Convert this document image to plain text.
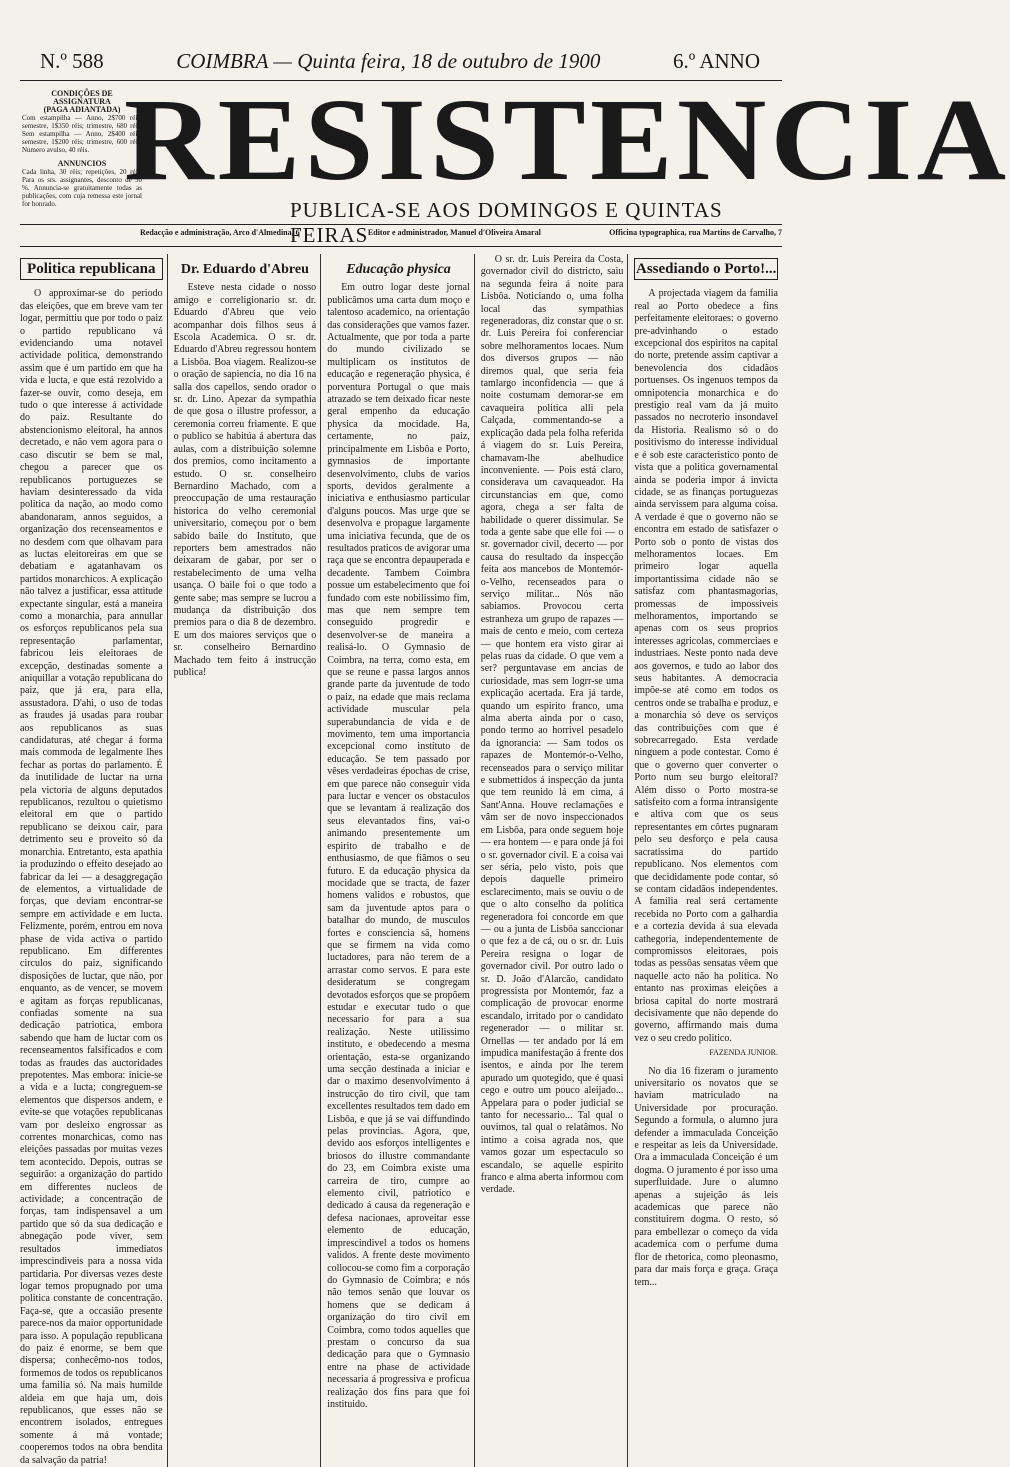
N.º 588	COIMBRA — Quinta feira, 18 de outubro de 1900	6.º ANNO
CONDIÇÕES DE ASSIGNATURA
(PAGA ADIANTADA)
Com estampilha — Anno, 2$700 réis; semestre, 1$350 réis; trimestre, 680 réis. Sem estampilha — Anno, 2$400 réis; semestre, 1$200 réis; trimestre, 600 réis. Numero avulso, 40 réis.
ANNUNCIOS
Cada linha, 30 réis; repetições, 20 réis. Para os srs. assignantes, desconto de 50 %. Annuncia-se gratuitamente todas as publicações, com cuja remessa este jornal for honrado. RESISTENCIA
PUBLICA-SE AOS DOMINGOS E QUINTAS FEIRAS
Redacção e administração, Arco d'Almedina, 6	Editor e administrador, Manuel d'Oliveira Amaral	Officina typographica, rua Martins de Carvalho, 7
Politica republicana

O approximar-se do periodo das eleições, que em breve vam ter logar, permittiu que por todo o paiz o partido republicano vá evidenciando uma notavel actividade politica, demonstrando assim que é um partido em que ha vida e lucta, e que está rezolvido a fazer-se ouvir, como deseja, em tudo o que interesse á actividade do paiz. Resultante do abstencionismo eleitoral, ha annos decretado, e não vem agora para o caso discutir se bem se mal, chegou a parecer que os republicanos portuguezes se haviam desinteressado da vida politica da nação, ao modo como abandonaram, annos seguidos, a organização dos recenseamentos e no desdem com que olhavam para as luctas eleitoreiras em que se debatiam e agatanhavam os partidos monarchicos. A explicação não talvez a justificar, essa attitude expectante singular, está a maneira como a monarchia, para annullar os esforços republicanos pela sua representação parlamentar, fabricou leis eleitoraes de excepção, destinadas somente a aniquillar a votação republicana do paiz, que já era, para ella, assustadora. D'ahi, o uso de todas as fraudes já usadas para roubar aos republicanos as suas candidaturas, até chegar á forma mais commoda de legalmente lhes fechar as portas do parlamento. É da inutilidade de luctar na urna pela victoria de alguns deputados republicanos, rezultou o quietismo eleitoral em que o partido republicano se deixou cair, para detrimento seu e proveito só da monarchia. Entretanto, esta apathia ia produzindo o effeito desejado ao fabricar da lei — a desaggregação de elementos, a virtualidade de forças, que deviam encontrar-se sempre em actividade e em lucta. Felizmente, porém, entrou em nova phase de vida activa o partido republicano. Em differentes circulos do paiz, significando disposições de luctar, que não, por enquanto, as de vencer, se movem e agitam as forças republicanas, confiadas somente na sua dedicação patriotica, embora sabendo que ham de luctar com os recenseamentos falsificados e com todas as fraudes das auctoridades prepotentes. Mas embora: inicie-se a vida e a lucta; congreguem-se elementos que dispersos andem, e evite-se que votações republicanas vam por desleixo engrossar as correntes monarchicas, como nas eleições passadas por muitas vezes tem acontecido. Depois, outras se seguirão: a organização do partido em differentes nucleos de actividade; a concentração de forças, tam indispensavel a um partido que só da sua dedicação e abnegação pode viver, sem resultados immediatos imprescindiveis para a nossa vida partidaria. Por diversas vezes deste logar temos propugnado por uma politica constante de concentração. Faça-se, que a occasião presente parece-nos da maior opportunidade para isso. A população republicana do paiz é enorme, se bem que dispersa; conhecêmo-nos todos, formemos de todos os republicanos uma familia só. Na mais humilde aldeia em que haja um, dois republicanos, que esses não se encontrem isolados, entregues somente á má vontade; cooperemos todos na obra bendita da salvação da patria!

Dr. Eduardo d'Abreu

Esteve nesta cidade o nosso amigo e correligionario sr. dr. Eduardo d'Abreu que veio acompanhar dois filhos seus á Escola Academica. O sr. dr. Eduardo d'Abreu regressou hontem a Lisbôa. Boa viagem. Realizou-se o oração de sapiencia, no dia 16 na salla dos capellos, sendo orador o sr. dr. Lino. Apezar da sympathia de que gosa o illustre professor, a ceremonia correu friamente. E que o publico se habitúa á abertura das aulas, com a distribuição solemne dos premios, como incitamento a estudo. O sr. conselheiro Bernardino Machado, com a preoccupação de uma restauração historica do velho ceremonial universitario, começou por o bem sabido baile do Instituto, que reporters bem amestrados não deixaram de gabar, por ser o restabelecimento de uma velha usança. O baile foi o que todo a gente sabe; mas sempre se lucrou a mudança da distribuição dos premios para o dia 8 de dezembro. E um dos maiores serviços que o sr. conselheiro Bernardino Machado tem feito á instrucção publica!

Educação physica

Em outro logar deste jornal publicâmos uma carta dum moço e talentoso academico, na orientação das considerações que vamos fazer. Actualmente, que por toda a parte do mundo civilizado se multiplicam os institutos de educação e regeneração physica, é porventura Portugal o que mais atrazado se tem deixado ficar neste geral empenho da educação physica da mocidade. Ha, certamente, no paiz, principalmente em Lisbôa e Porto, gymnasios de importante desenvolvimento, clubs de varios sports, devidos geralmente a iniciativa e enthusiasmo particular d'alguns poucos. Mas urge que se desenvolva e propague largamente uma iniciativa fecunda, que de os resultados praticos de avigorar uma raça que se encontra depauperada e decadente. Tambem Coimbra possue um estabelecimento que foi fundado com este nobilissimo fim, mas que nem sempre tem conseguido progredir e desenvolver-se de maneira a realisá-lo. O Gymnasio de Coimbra, na terra, como esta, em que se reune e passa largos annos grande parte da juventude de todo o paiz, na edade que mais reclama actividade muscular pela superabundancia de vida e de movimento, tem uma importancia excepcional como instituto de educação. Se tem passado por vêses verdadeiras épochas de crise, em que parece não conseguir vida para luctar e vencer os obstaculos que se levantam á realização dos seus elevantados fins, vai-o animando presentemente um espirito de trabalho e de enthusiasmo, de que fiâmos o seu futuro. E da educação physica da mocidade que se tracta, de fazer homens validos e robustos, que sam da juventude aptos para o batalhar do mundo, de musculos fortes e consciencia sã, homens que se firmem na vida como luctadores, para não terem de a arrastar como servos. E para este desideratum se congregam devotados esforços que se propõem estudar e executar tudo o que necessario for para a sua realização. Neste utilissimo instituto, e obedecendo a mesma orientação, esta-se organizando uma secção destinada a iniciar e dar o maximo desenvolvimento á instrucção do tiro civil, que tam excellentes resultados tem dado em Lisbôa, e que já se vai diffundindo pelas provincias. Agora, que, devido aos esforços intelligentes e briosos do illustre commandante do 23, em Coimbra existe uma carreira de tiro, cumpre ao elemento civil, patriotico e dedicado á causa da regeneração e defesa nacionaes, aproveitar esse elemento de educação, imprescindivel a todos os homens validos. A frente deste movimento collocou-se como fim a corporação do Gymnasio de Coimbra; e nós não temos senão que louvar os homens que se dedicam á organização do tiro civil em Coimbra, como todos aquelles que prestam o concurso da sua dedicação para que o Gymnasio entre na phase de actividade necessaria á progressiva e proficua realização dos fins para que foi instituido.

O sr. dr. Luis Pereira da Costa, governador civil do districto, saiu na segunda feira á noite para Lisbôa. Noticiando o, uma folha local das sympathias regeneradoras, diz constar que o sr. dr. Luis Pereira foi conferenciar sobre melhoramentos locaes. Num dos diversos grupos — não diremos qual, que seria feia tamlargo inconfidencia — que á noite costumam demorar-se em cavaqueira politica alli pela Calçada, commentando-se a explicação dada pela folha referida á viagem do sr. Luis Pereira, chamavam-lhe abelhudice inconveniente. — Pois está claro, considerava um cavaqueador. Ha circunstancias em que, como agora, chega a ser falta de habilidade o querer dissimular. Se toda a gente sabe que elle foi — o sr. governador civil, decerto — por causa do resultado da inspecção feita aos mancebos de Montemór-o-Velho, recenseados para o serviço militar... Nós não sabiamos. Provocou certa estranheza um grupo de rapazes — mais de cento e meio, com certeza — que hontem era visto girar ai pelas ruas da cidade. O que vem a ser? perguntavase em ancias de curiosidade, mas sem logrr-se uma explicação acertada. Era já tarde, quando um espirito franco, uma alma aberta ainda por o caso, pondo termo ao horrivel pesadelo da ignorancia: — Sam todos os rapazes de Montemór-o-Velho, recenseados para o serviço militar e submettidos á inspecção da junta que tem reunido lá em cima, á Sant'Anna. Houve reclamações e vâm ser de novo inspeccionados em Lisbôa, para onde seguem hoje — era hontem — e para onde já foi o sr. governador civil. E a coisa vai ser séria, pelo visto, pois que depois daquelle primeiro esclarecimento, mais se ouviu o de que o alto conselho da politica regeneradora foi concorde em que — ou a junta de Lisbôa sanccionar o que fez a de cá, ou o sr. dr. Luis Pereira resigna o logar de governador civil. Por outro lado o sr. D. João d'Alarcão, candidato progressista por Montemór, faz a complicação de provocar enorme escandalo, irritado por o candidato regenerador — o militar sr. Ornellas — ter andado por lá em impudica manifestação á frente dos isentos, e ainda por lhe terem apurado um quotegido, que é quasi cego e outro um pouco aleijado... Appelara para o poder judicial se tanto for necessario... Tal qual o ouvimos, tal qual o relatâmos. No intimo a coisa agrada nos, que vamos gozar um espectaculo so escandalo, se aquelle espirito franco e alma aberta informou com verdade.

Assediando o Porto!...

A projectada viagem da familia real ao Porto obedece a fins perfeitamente eleitoraes: o governo pre-advinhando o estado excepcional dos espiritos na capital do norte, pretende assim captivar a benevolencia dos cidadãos portuenses. Os ingenuos tempos da omnipotencia monarchica e do prestigio real vam da já muito passados no necroterio insondavel da Historia. Realismo só o do positivismo do interesse individual e é sob este caracteristico ponto de vista que a politica governamental ainda se poderia impor á invicta cidade, se as finanças portuguezas ainda servissem para alguma coisa. A verdade é que o governo não se encontra em estado de satisfazer o Porto sob o ponto de vistas dos melhoramentos locaes. Em primeiro logar aquella importantissima cidade não se satisfaz com phantasmagorias, promessas de impossiveis melhoramentos, importando se apenas com os seus proprios interesses agricolas, commerciaes e industriaes. Neste ponto nada deve aos governos, e tudo ao labor dos seus habitantes. A democracia impõe-se até como em todos os centros onde se trabalha e produz, e a monarchia só deve os serviços das contribuições com que é sobrecarregado. Esta verdade ninguem a pode contestar. Como é que o governo quer converter o Porto num seu burgo eleitoral? Além disso o Porto mostra-se satisfeito com a forma intransigente e altiva com que os seus representantes em côrtes pugnaram pelo seu desforço e pela causa sacratissima do partido republicano. Nos elementos com que decididamente pode contar, só se contam cidadãos independentes. A familia real será certamente recebida no Porto com a galhardia e a cortezia devida á sua elevada cathegoria, independentemente de compromissos eleitoraes, pois todas as pessôas sensatas vêem que naquelle acto não ha politica. No entanto nas proximas eleições a briosa capital do norte mostrará decisivamente que não depende do governo, affirmando mais duma vez o seu credo politico.

FAZENDA JUNIOR.

No dia 16 fizeram o juramento universitario os novatos que se haviam matriculado na Universidade por procuração. Segundo a formula, o alumno jura defender a immaculada Conceição e respeitar as leis da Universidade. Ora a immaculada Conceição é um dogma. O juramento é por isso uma superfluidade. Jure o alumno apenas a sujeição ás leis academicas que parece não constituirem dogma. O resto, só para embellezar o começo da vida academica com o perfume duma flor de rhetorica, como pleonasmo, para dar mais força e graça. Graça tem...
